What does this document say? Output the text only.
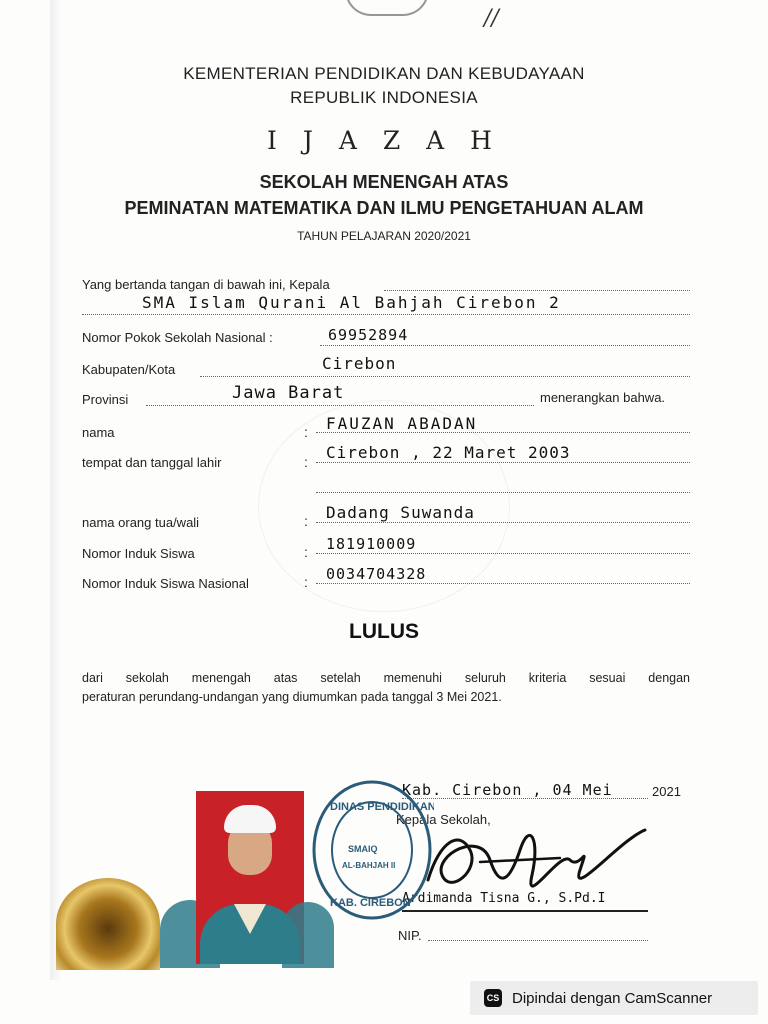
//
KEMENTERIAN PENDIDIKAN DAN KEBUDAYAAN
REPUBLIK INDONESIA
I J A Z A H
SEKOLAH MENENGAH ATAS
PEMINATAN MATEMATIKA DAN ILMU PENGETAHUAN ALAM
TAHUN PELAJARAN 2020/2021
Yang bertanda tangan di bawah ini, Kepala
SMA Islam Qurani Al Bahjah Cirebon 2
Nomor Pokok Sekolah Nasional :	69952894
Kabupaten/Kota	Cirebon
Provinsi	Jawa Barat	menerangkan bahwa.
nama	: FAUZAN ABADAN
tempat dan tanggal lahir	: Cirebon , 22 Maret 2003
nama orang tua/wali	: Dadang Suwanda
Nomor Induk Siswa	: 181910009
Nomor Induk Siswa Nasional	: 0034704328
LULUS
dari sekolah menengah atas setelah memenuhi seluruh kriteria sesuai dengan
peraturan perundang-undangan yang diumumkan pada tanggal 3 Mei 2021.
Kab. Cirebon , 04 Mei	2021
Kepala Sekolah,
Ardimanda Tisna G., S.Pd.I
NIP.
DINAS PENDIDIKAN
SMAIQ
AL-BAHJAH II
KAB. CIREBON
CS Dipindai dengan CamScanner
